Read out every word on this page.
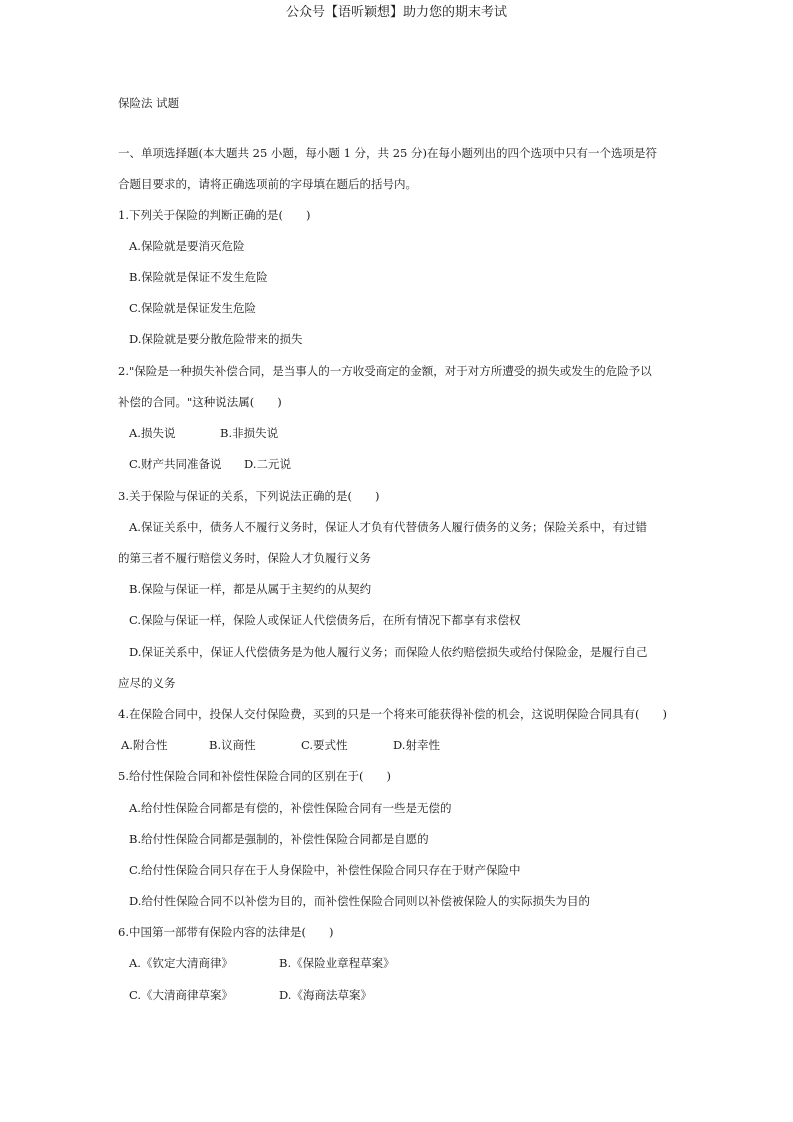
公众号【语听颖想】助力您的期末考试
保险法 试题
一、单项选择题(本大题共 25 小题，每小题 1 分，共 25 分)在每小题列出的四个选项中只有一个选项是符
合题目要求的，请将正确选项前的字母填在题后的括号内。
1.下列关于保险的判断正确的是(　　)
A.保险就是要消灭危险
B.保险就是保证不发生危险
C.保险就是保证发生危险
D.保险就是要分散危险带来的损失
2."保险是一种损失补偿合同，是当事人的一方收受商定的金额，对于对方所遭受的损失或发生的危险予以
补偿的合同。"这种说法属(　　)
A.损失说	B.非损失说
C.财产共同准备说 D.二元说
3.关于保险与保证的关系，下列说法正确的是(　　)
A.保证关系中，债务人不履行义务时，保证人才负有代替债务人履行债务的义务；保险关系中，有过错
的第三者不履行赔偿义务时，保险人才负履行义务
B.保险与保证一样，都是从属于主契约的从契约
C.保险与保证一样，保险人或保证人代偿债务后，在所有情况下都享有求偿权
D.保证关系中，保证人代偿债务是为他人履行义务；而保险人依约赔偿损失或给付保险金，是履行自己
应尽的义务
4.在保险合同中，投保人交付保险费，买到的只是一个将来可能获得补偿的机会，这说明保险合同具有(　　)
A.附合性	B.议商性	C.要式性	D.射幸性
5.给付性保险合同和补偿性保险合同的区别在于(　　)
A.给付性保险合同都是有偿的，补偿性保险合同有一些是无偿的
B.给付性保险合同都是强制的，补偿性保险合同都是自愿的
C.给付性保险合同只存在于人身保险中，补偿性保险合同只存在于财产保险中
D.给付性保险合同不以补偿为目的，而补偿性保险合同则以补偿被保险人的实际损失为目的
6.中国第一部带有保险内容的法律是(　　)
A.《钦定大清商律》	B.《保险业章程草案》
C.《大清商律草案》	D.《海商法草案》
